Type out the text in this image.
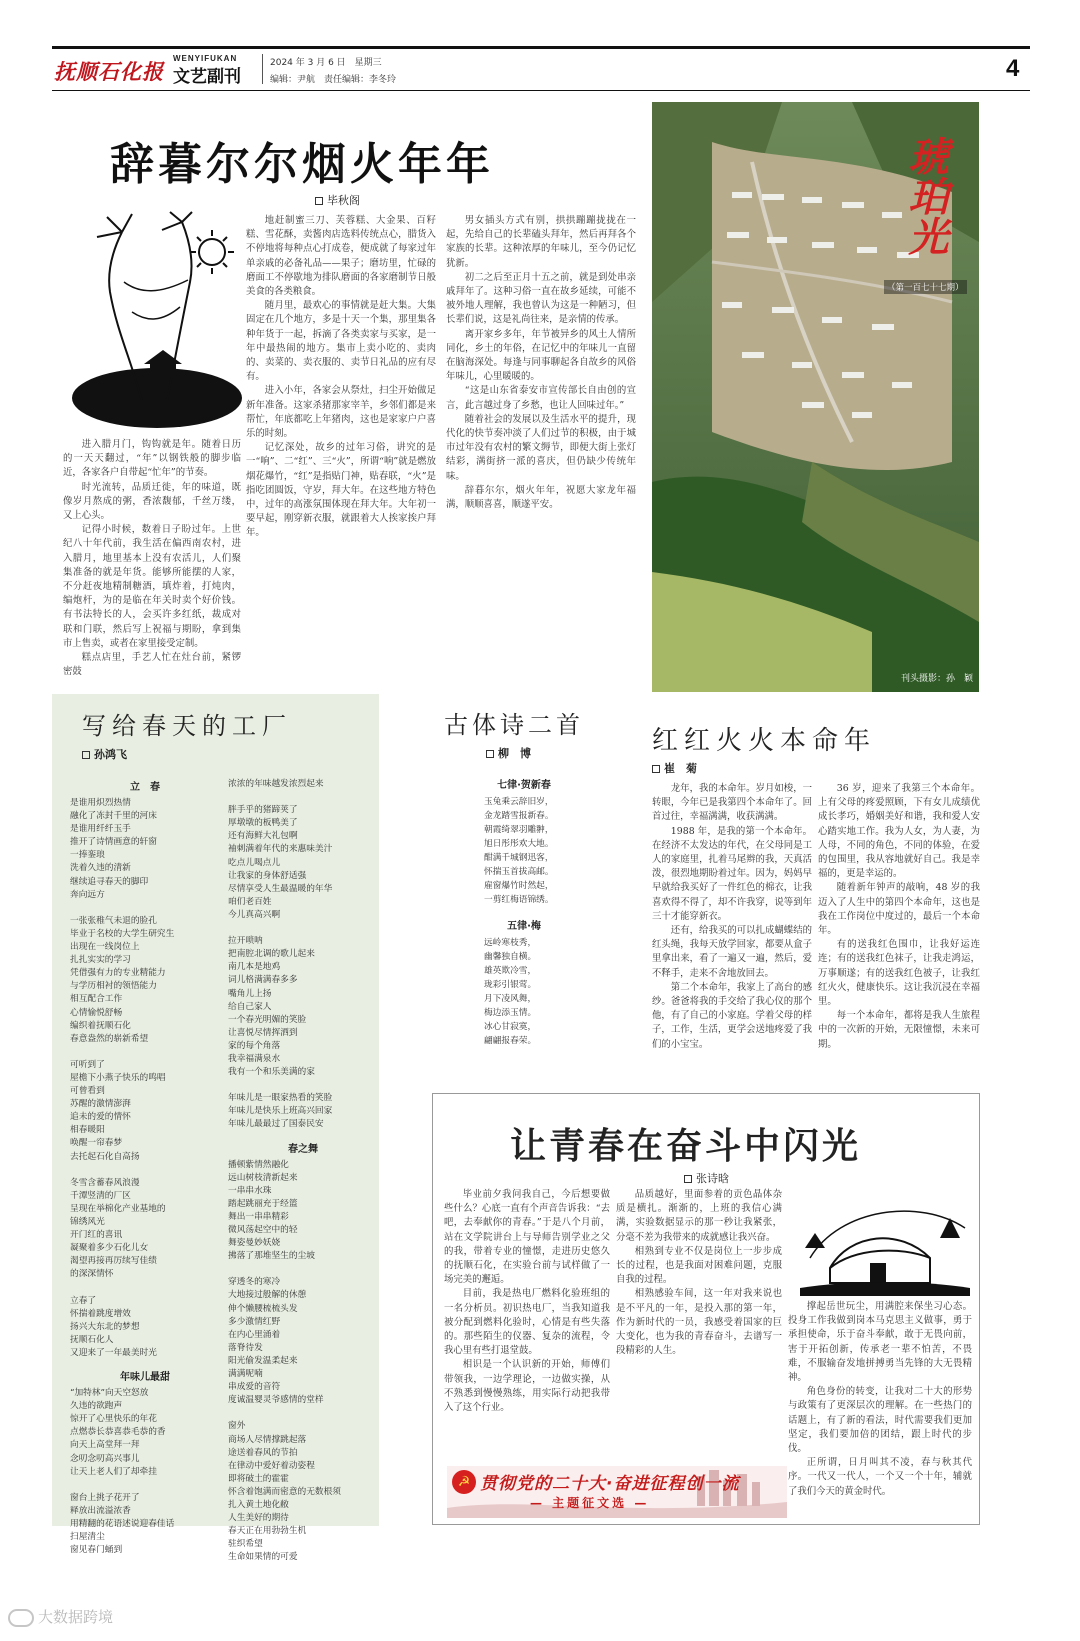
抚顺石化报
WENYIFUKAN
文艺副刊
2024 年 3 月 6 日　星期三
编辑：尹航　责任编辑：李冬玲	4
辞暮尔尔烟火年年
毕秋阁

进入腊月门，钩钩就是年。随着日历的一天天翻过，“年”以钢铁般的脚步临近，各家各户自带起“忙年”的节奏。

时光流转，品质迁徙，年的味道，既像岁月熬成的粥，香浓馥郁，千丝万缕，又上心头。

记得小时候，数着日子盼过年。上世纪八十年代前，我生活在偏西南农村，进入腊月，地里基本上没有农活儿，人们聚集准备的就是年货。能够所能摆的人家，不分赶夜地精制糖酒，填炸着，打炖肉，编炮杆，为的是临在年关时卖个好价钱。有书法特长的人，会买许多红纸，裁成对联和门联，然后写上祝福与期盼，拿到集市上售卖，或者在家里接受定制。

糕点店里，手艺人忙在灶台前，紧锣密鼓

地赶制蜜三刀、芙蓉糕、大金果、百籽糕、雪花酥，卖酱肉店选料传统点心，腊货入不停地将每种点心打成卷，便成就了每家过年单亲戚的必备礼品——果子；磨坊里，忙碌的磨面工不停歇地为排队磨面的各家磨制节日般美食的各类粮食。

随月里，最欢心的事情就是赶大集。大集固定在几个地方，多是十天一个集，那里集各种年货于一起，拆滴了各类卖家与买家，是一年中最热闹的地方。集市上卖小吃的、卖肉的、卖菜的、卖衣服的、卖节日礼品的应有尽有。

进入小年，各家会从祭灶，扫尘开始做足新年准备。这家杀猪那家宰羊，乡邻们都是来帮忙，年底都吃上年猪肉，这也是家家户户喜乐的时刻。

记忆深处，故乡的过年习俗，讲究的是一“响”、二“红”、三“火”，所谓“响”就是燃放烟花爆竹，“红”是指贴门神，贴春联，“火”是指吃团圆饭，守岁，拜大年。在这些地方特色中，过年的高涨氛围体现在拜大年。大年初一要早起，刚穿新衣服，就跟着大人挨家挨户拜年。

男女插头方式有别，拱拱蹦蹦拢拢在一起，先给自己的长辈磕头拜年，然后再拜各个家族的长辈。这种浓厚的年味儿，至今仍记忆犹新。

初二之后至正月十五之前，就是到处串亲戚拜年了。这种习俗一直在故乡延续，可能不被外地人理解，我也曾认为这是一种陋习，但长辈们说，这是礼尚往来，是亲情的传承。

离开家乡多年，年节被异乡的风土人情所同化，乡土的年俗，在记忆中的年味儿一直留在脑海深处。每逢与同事聊起各自故乡的风俗年味儿，心里暖暖的。

“这是山东省泰安市宣传部长自由创的宣言，此言越过身了乡愁，也让人回味过年。”

随着社会的发展以及生活水平的提升，现代化的快节奏冲淡了人们过节的积极，由于城市过年没有农村的繁文缛节，即便大街上张灯结彩，满街挤一派的喜庆，但仍缺少传统年味。

辞暮尔尔，烟火年年，祝愿大家龙年福满，顺顺喜喜，顺遂平安。

琥珀光
（第一百七十七期）
刊头摄影：孙　颖
写给春天的工厂
孙鸿飞
立　春
是谁用炽烈热情
融化了冻封千里的河床
是谁用纤纤玉手
推开了诗情画意的轩窗
一捧銮琅
洗着久违的清新
继续追寻春天的脚印
奔向远方

一张张稚气未退的脸孔
毕业于名校的大学生研究生
出现在一线岗位上
扎扎实实的学习
凭借强有力的专业精能力
与学历相衬的领悟能力
相互配合工作
心情愉悦舒畅
编织着抚顺石化
春意盎然的崭新希望

可听到了
屋檐下小燕子快乐的鸣唱
可曾看到
苏醒的激情澎湃
追未的爱的情怀
相春暖阳
唤醒一帘春梦
去托起石化自高扬

冬雪含蓄春风浪漫
千潭竖清的厂区
呈现在举棉化产业基地的
锦绣风光
开门红的喜讯
凝聚着多少石化儿女
渴望再接再厉续写佳绩
的深深情怀

立春了
怀揣着跳度增效
扬兴大东北的梦想
抚顺石化人
又迎来了一年最美时光
年味儿最甜
“加特林”向天空怒放
久违的欲跑声
惊开了心里快乐的年花
点燃恭长恭喜恭毛恭的香
向天上高堂拜一拜
念叨念叨高兴事儿
让天上老人们了却牵挂

窗台上挑子花开了
释放出流溢浓香
用精翻的花语述说迎春佳话
扫屋清尘
窗见春门蛹到
浓浓的年味越发浓烈起来

胖手乎的猪蹄荚了
厚墩墩的板鸭美了
还有海鲜大礼包啊
袖刺满着年代的来惠味美汁
吃点儿喝点儿
让我家的身体舒适强
尽情享受人生最温暖的年华
咱们老百姓
今儿真高兴啊

拉开唢呐
把南腔北调的歌儿起来
南几本是地鸡
词儿格满满春多多
嘴角儿上扬
给自己家人
一个春光明媚的笑脸
让喜悦尽情挥洒到
家的每个角落
我幸福满泉水
我有一个和乐美满的家

年味儿是一眼家热看的笑脸
年味儿是快乐上班高兴回家
年味儿最最过了国泰民安
春之舞
播顿紫情然融化
远山树枝清新起来
一串串水珠
踏起跳丽充于经篮
舞出一串串精彩
微风荡起空中的轻
舞姿曼妙妖娆
拂落了那堆坚生的尘坡

穿透冬的寒冷
大地接过般解的休憩
伸个懒腰梳梳头发
多少激情红野
在内心里涌着
落脊待发
阳光偷发温柔起来
满满呢喃
串成爱的音符
度诚温婴灵爷感情的堂样

窗外
商场人尽情撑跳起落
途送着春风的节拍
在律动中爱好着动姿程
即将破土的霍霍
怀含着饱满而密意的无数根须
扎入黄土地化敝
人生美好的期待
春天正在用勃勃生机
驻织希望
生命如果情的可爱
古体诗二首
柳　博
七律·贺新春
玉兔乘云辞旧岁，
金龙踏雪报新春。
朝霞绮翠羽雕翀，
旭日彤彤欢大地。
酣满千城钢迅客，
怀揣玉首拔高邮。
雇窗爆竹时然起，
一剪红梅语锦绣。
五律·梅
远岭寒枝秀，
幽馨独自横。
雄英欺冷雪，
珑彩引银莺。
月下凌风舞，
梅边添玉情。
冰心甘寂寞，
翩翩报春荣。
红红火火本命年
崔　菊

龙年，我的本命年。岁月如梭，一转眼，今年已是我第四个本命年了。回首过往，幸福满满，收获满满。

1988 年，是我的第一个本命年。在经济不太发达的年代，在父母同是工人的家庭里，扎着马尾辫的我，天真活泼，很烈地期盼着过年。因为，妈妈早早就给我买好了一件红色的棉衣，让我喜欢得不得了，却不许我穿，说等到年三十才能穿新衣。

还有，给我买的可以扎成蝴蝶结的红头绳，我每天放学回家，都要从盒子里拿出来，看了一遍又一遍，然后，爱不释手，走来不舍地放回去。

第二个本命年，我家上了高台的感纱。爸爸将我的手交给了我心仪的那个他，有了自己的小家庭。学着父母的样子，工作，生活，更学会送地疼爱了我们的小宝宝。

36 岁，迎来了我第三个本命年。上有父母的疼爱照顾，下有女儿成绩优成长孝巧，婚姻美好和谐，我和爱人安心踏实地工作。我为人女，为人妻，为人母，不同的角色，不同的体验，在爱的包围里，我从容地就好自己。我是幸福的，更是幸运的。

随着新年钟声的敲响，48 岁的我迈入了人生中的第四个本命年，这也是我在工作岗位中度过的，最后一个本命年。

有的送我红色围巾，让我好运连连；有的送我红色袜子，让我走鸿运，万事顺遂；有的送我红色被子，让我红红火火，健康快乐。这让我沉浸在幸福里。

每一个本命年，都将是我人生旅程中的一次新的开始，无限憧憬，未来可期。

让青春在奋斗中闪光
张诗晗

毕业前夕我问我自己，今后想要做些什么？心底一直有个声音告诉我：“去吧，去奉献你的青春。”于是八个月前，站在文学院讲台上与导师告别学业之父的我，带着专业的憧憬，走进历史悠久的抚顺石化，在实验台前与试样做了一场完美的邂逅。

目前，我是热电厂燃料化验班组的一名分析员。初识热电厂，当我知道我被分配到燃料化验时，心情是有些失落的。那些陌生的仪器、复杂的流程，令我心里有些打退堂鼓。

相识是一个认识新的开始，师傅们带领我，一边学理论，一边做实操，从不熟悉到慢慢熟练，用实际行动把我带入了这个行业。

品质越好，里面参着的贡色晶体杂质是横扎。渐渐的，上班的我信心满满，实验数据显示的那一秒让我紧张，分毫不差为我带来的成就感让我兴奋。

相熟到专业不仅是岗位上一步步成长的过程，也是我面对困难问题，克服自我的过程。

相熟感验车间，这一年对我来说也是不平凡的一年，是投入那的第一年，作为新时代的一员，我感受着国家的巨大变化，也为我的青春奋斗，去谱写一段精彩的人生。

撑起岳世玩尘，用满腔来保坐习心态。投身工作我做到岗本马克思主义做事，勇于承担使命，乐于奋斗奉献，敢于无畏向前，害于开拓创新，传承老一辈不怕苦，不畏难，不服输奋发地拼搏勇当先锋的大无畏精神。

角色身份的转变，让我对二十大的形势与政策有了更深层次的理解。在一些热门的话题上，有了新的看法，时代需要我们更加坚定，我们要加倍的团结，跟上时代的步伐。

正所谓，日月叫其不凌，春与秋其代序。一代又一代人，一个又一个十年，辅就了我们今天的黄金时代。

☭ 贯彻党的二十大·奋进征程创一流
— 主题征文选 —
大数据跨境
